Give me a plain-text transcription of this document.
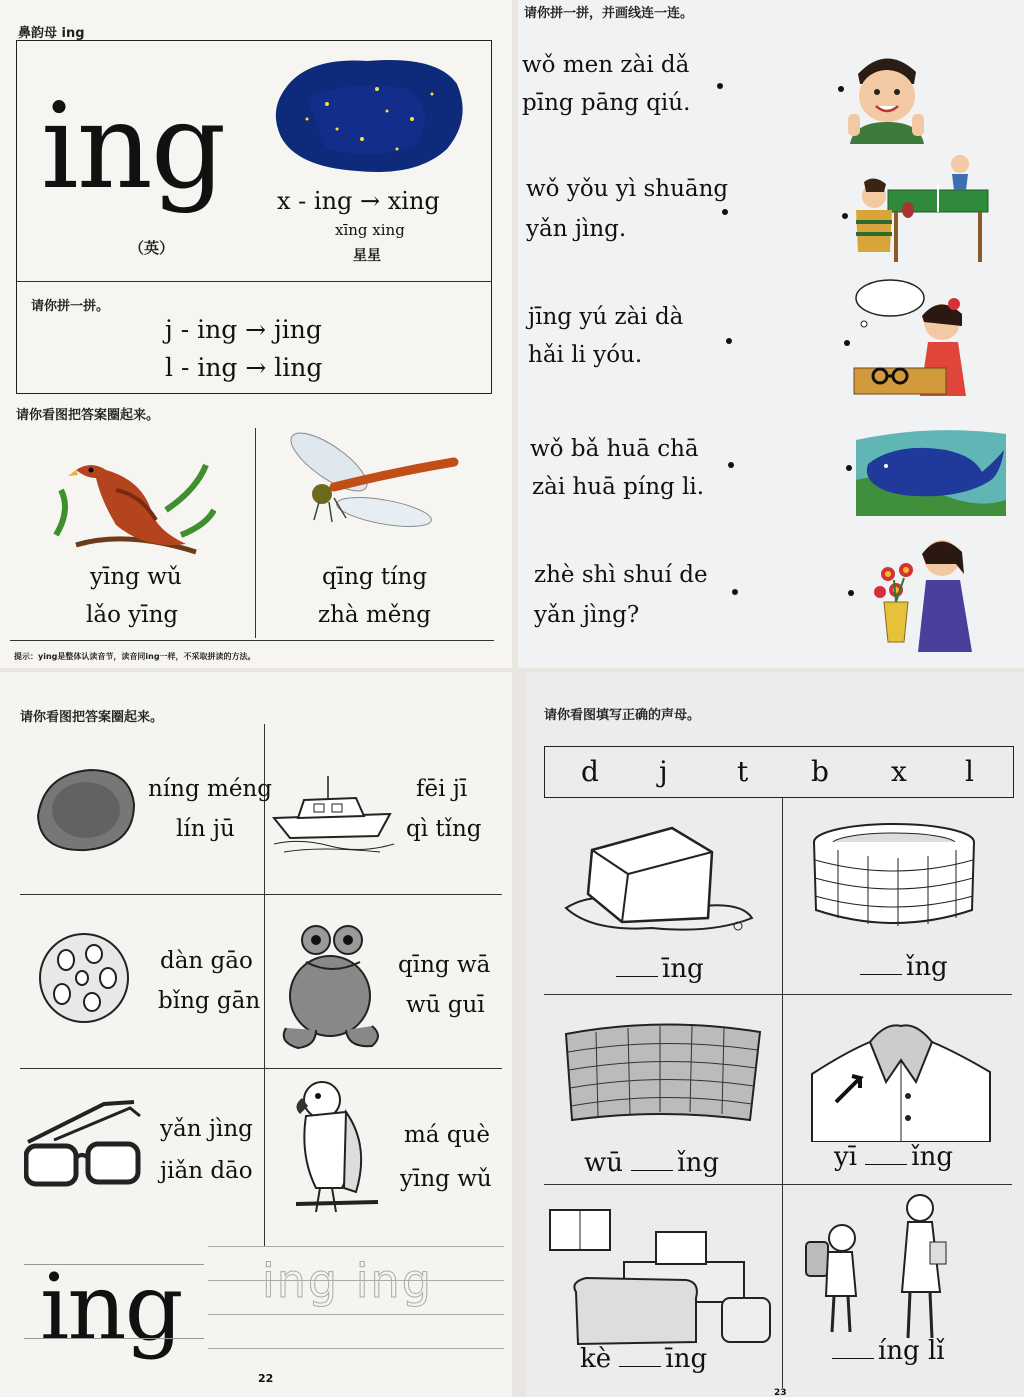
鼻韵母 ing
ing
（英）
x - ing → xing
xīng xing
星星
请你拼一拼。
j - ing → jing
l - ing → ling
请你看图把答案圈起来。
yīng wǔ
lǎo yīng
qīng tíng
zhà měng
提示：ying是整体认读音节，读音同ing一样，不采取拼读的方法。
请你拼一拼，并画线连一连。
wǒ men zài dǎ
pīng pāng qiú.
wǒ yǒu yì shuāng
yǎn jìng.
jīng yú zài dà
hǎi li yóu.
wǒ bǎ huā chā
zài huā píng li.
zhè shì shuí de
yǎn jìng?
请你看图把答案圈起来。
níng méng
lín jū
fēi jī
qì tǐng
dàn gāo
bǐng gān
qīng wā
wū guī
yǎn jìng
jiǎn dāo
má què
yīng wǔ
ing ing ing
22
请你看图填写正确的声母。
d j t b x l
īng	ǐng
wū ǐng	yī ǐng
kè īng	íng lǐ
23
